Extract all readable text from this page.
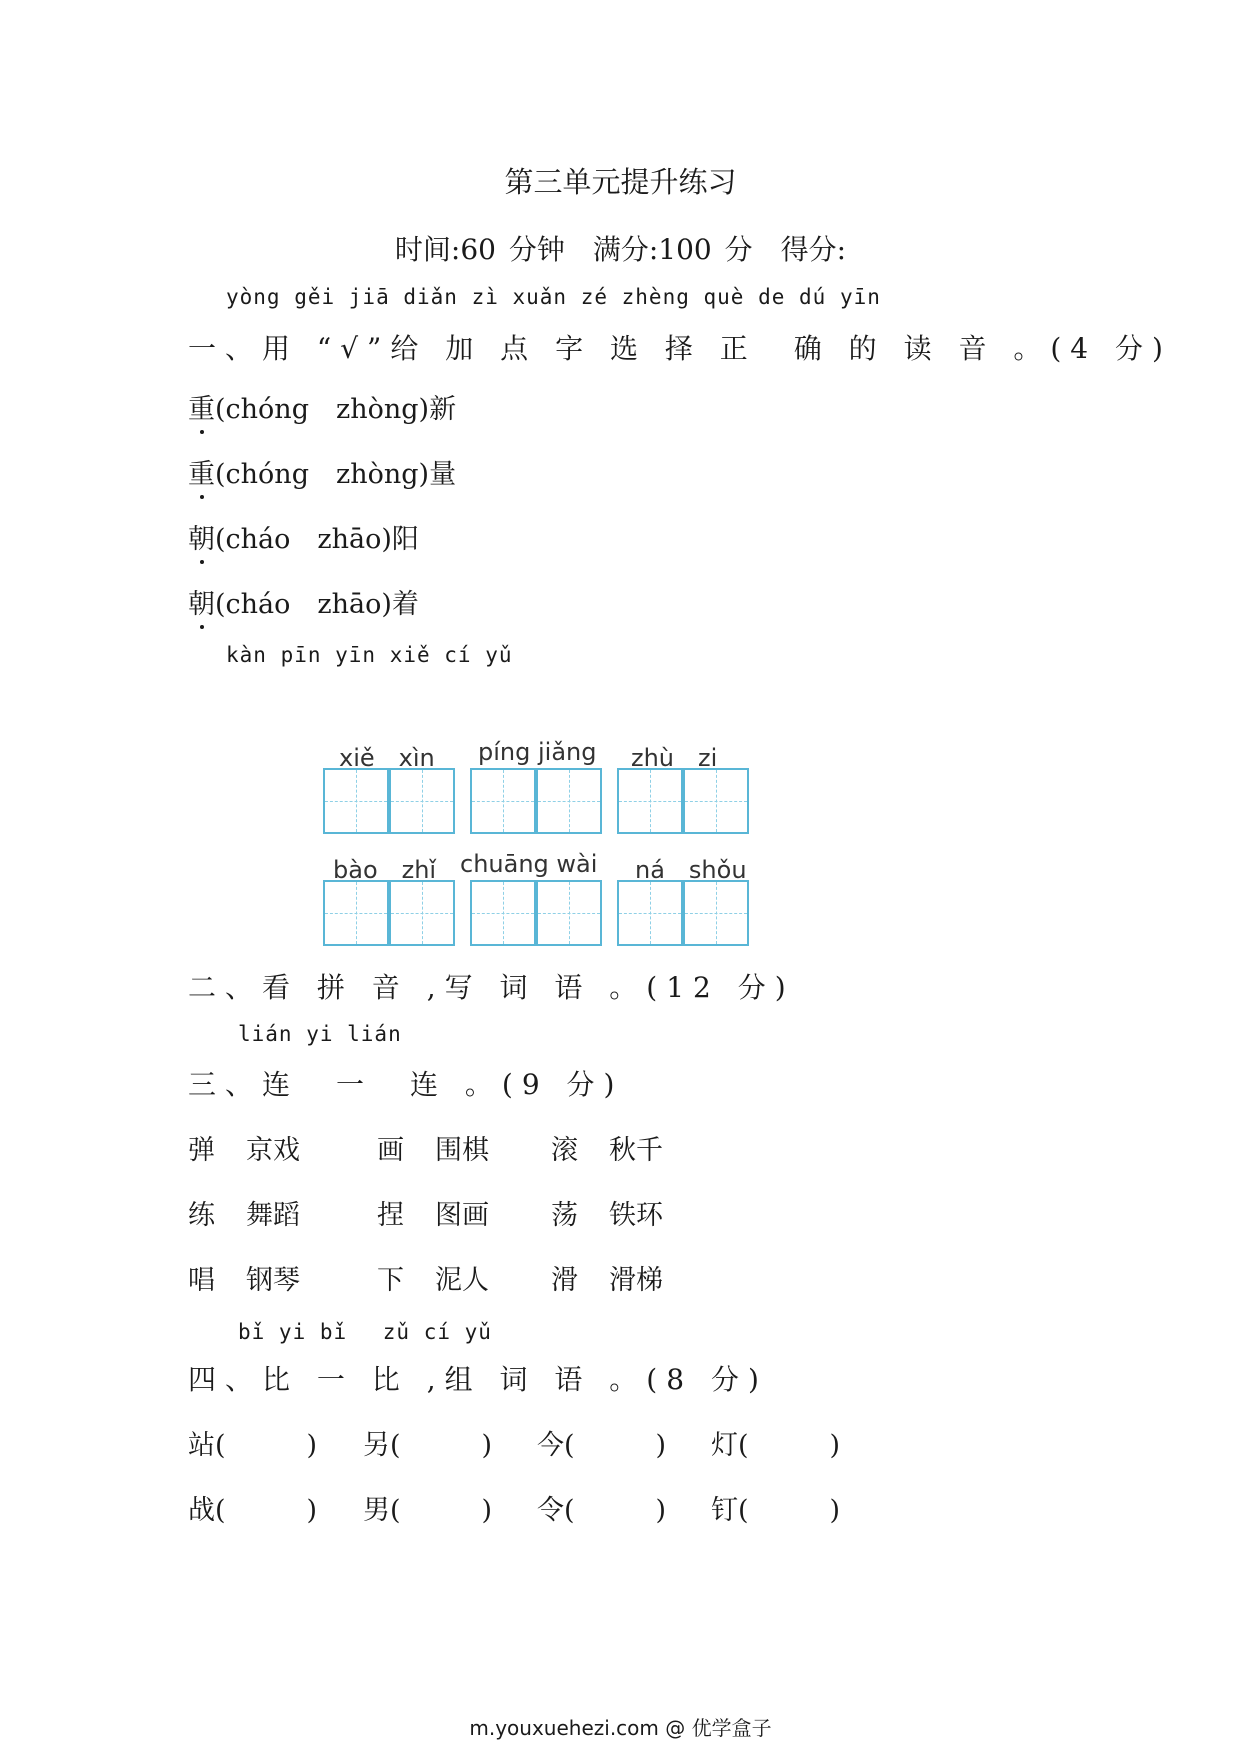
第三单元提升练习
时间:60 分钟　满分:100 分　得分:
yòng gěi jiā diǎn zì xuǎn zé zhèng què de dú yīn
一、用 “√”给 加 点 字 选 择 正　确 的 读 音 。(4 分)
重(chóng　zhòng)新
重(chóng　zhòng)量
朝(cháo　zhāo)阳
朝(cháo　zhāo)着
kàn pīn yīn xiě cí yǔ
xiě　xìn píng jiǎng zhù　zi
bào　zhǐ chuāng wài ná　shǒu
二、看 拼 音 ,写 词 语 。(12 分)
lián yi lián
三、连　一　连 。(9 分)
弹 京戏	画 围棋 滚 秋千
练 舞蹈	捏 图画 荡 铁环
唱 钢琴	下 泥人 滑 滑梯
bǐ yi bǐ　 zǔ cí yǔ
四、比 一 比 ,组 词 语 。(8 分)
站(　　　) 另(　　　) 今(　　　) 灯(　　　)
战(　　　) 男(　　　) 令(　　　) 钉(　　　)
m.youxuehezi.com @ 优学盒子
